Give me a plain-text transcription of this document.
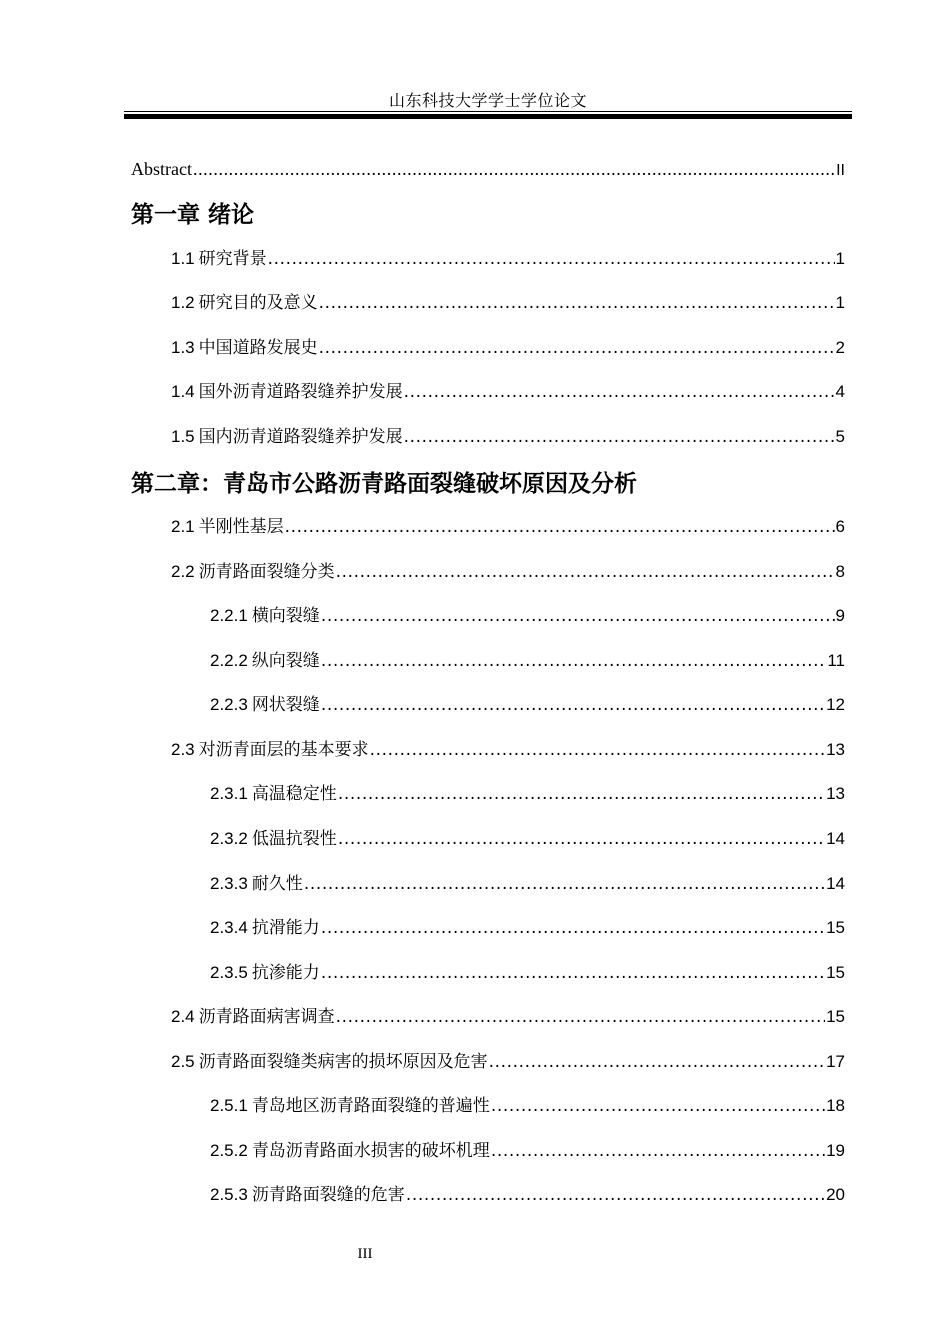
山东科技大学学士学位论文
Abstract .....	II
第一章 绪论
1.1 研究背景 .....	1
1.2 研究目的及意义 .....	1
1.3 中国道路发展史 .....	2
1.4 国外沥青道路裂缝养护发展 .....	4
1.5 国内沥青道路裂缝养护发展 .....	5
第二章：青岛市公路沥青路面裂缝破坏原因及分析
2.1 半刚性基层 .....	6
2.2 沥青路面裂缝分类 .....	8
2.2.1 横向裂缝 .....	9
2.2.2 纵向裂缝 .....	11
2.2.3 网状裂缝 .....	12
2.3 对沥青面层的基本要求 .....	13
2.3.1 高温稳定性 .....	13
2.3.2 低温抗裂性 .....	14
2.3.3 耐久性 .....	14
2.3.4 抗滑能力 .....	15
2.3.5 抗渗能力 .....	15
2.4 沥青路面病害调查 .....	15
2.5 沥青路面裂缝类病害的损坏原因及危害 .....	17
2.5.1 青岛地区沥青路面裂缝的普遍性 .....	18
2.5.2 青岛沥青路面水损害的破坏机理 .....	19
2.5.3 沥青路面裂缝的危害 .....	20
III
